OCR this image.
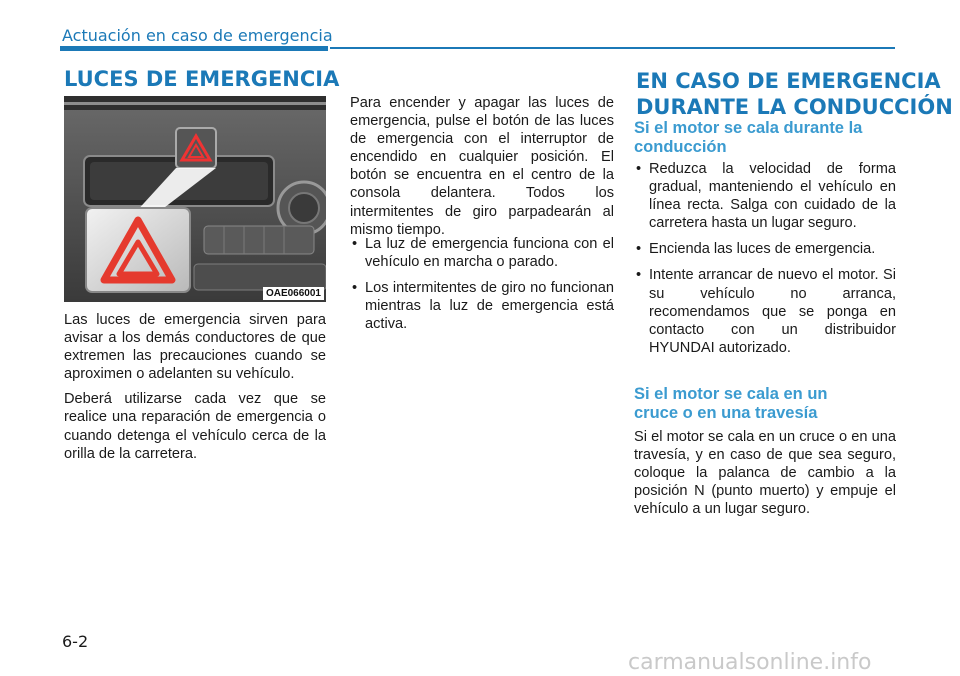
Actuación en caso de emergencia
LUCES DE EMERGENCIA
OAE066001

Las luces de emergencia sirven para avisar a los demás conductores de que extremen las precauciones cuando se aproximen o adelanten su vehículo.

Deberá utilizarse cada vez que se realice una reparación de emergencia o cuando detenga el vehículo cerca de la orilla de la carretera.

Para encender y apagar las luces de emergencia, pulse el botón de las luces de emergencia con el interruptor de encendido en cualquier posición. El botón se encuentra en el centro de la consola delantera. Todos los intermitentes de giro parpadearán al mismo tiempo.

• La luz de emergencia funciona con el vehículo en marcha o parado.
• Los intermitentes de giro no funcionan mientras la luz de emergencia está activa.
EN CASO DE EMERGENCIA
DURANTE LA CONDUCCIÓN
Si el motor se cala durante la
conducción
• Reduzca la velocidad de forma gradual, manteniendo el vehículo en línea recta. Salga con cuidado de la carretera hasta un lugar seguro.
• Encienda las luces de emergencia.
• Intente arrancar de nuevo el motor. Si su vehículo no arranca, recomendamos que se ponga en contacto con un distribuidor HYUNDAI autorizado.
Si el motor se cala en un
cruce o en una travesía

Si el motor se cala en un cruce o en una travesía, y en caso de que sea seguro, coloque la palanca de cambio a la posición N (punto muerto) y empuje el vehículo a un lugar seguro.

6-2
carmanualsonline.info
